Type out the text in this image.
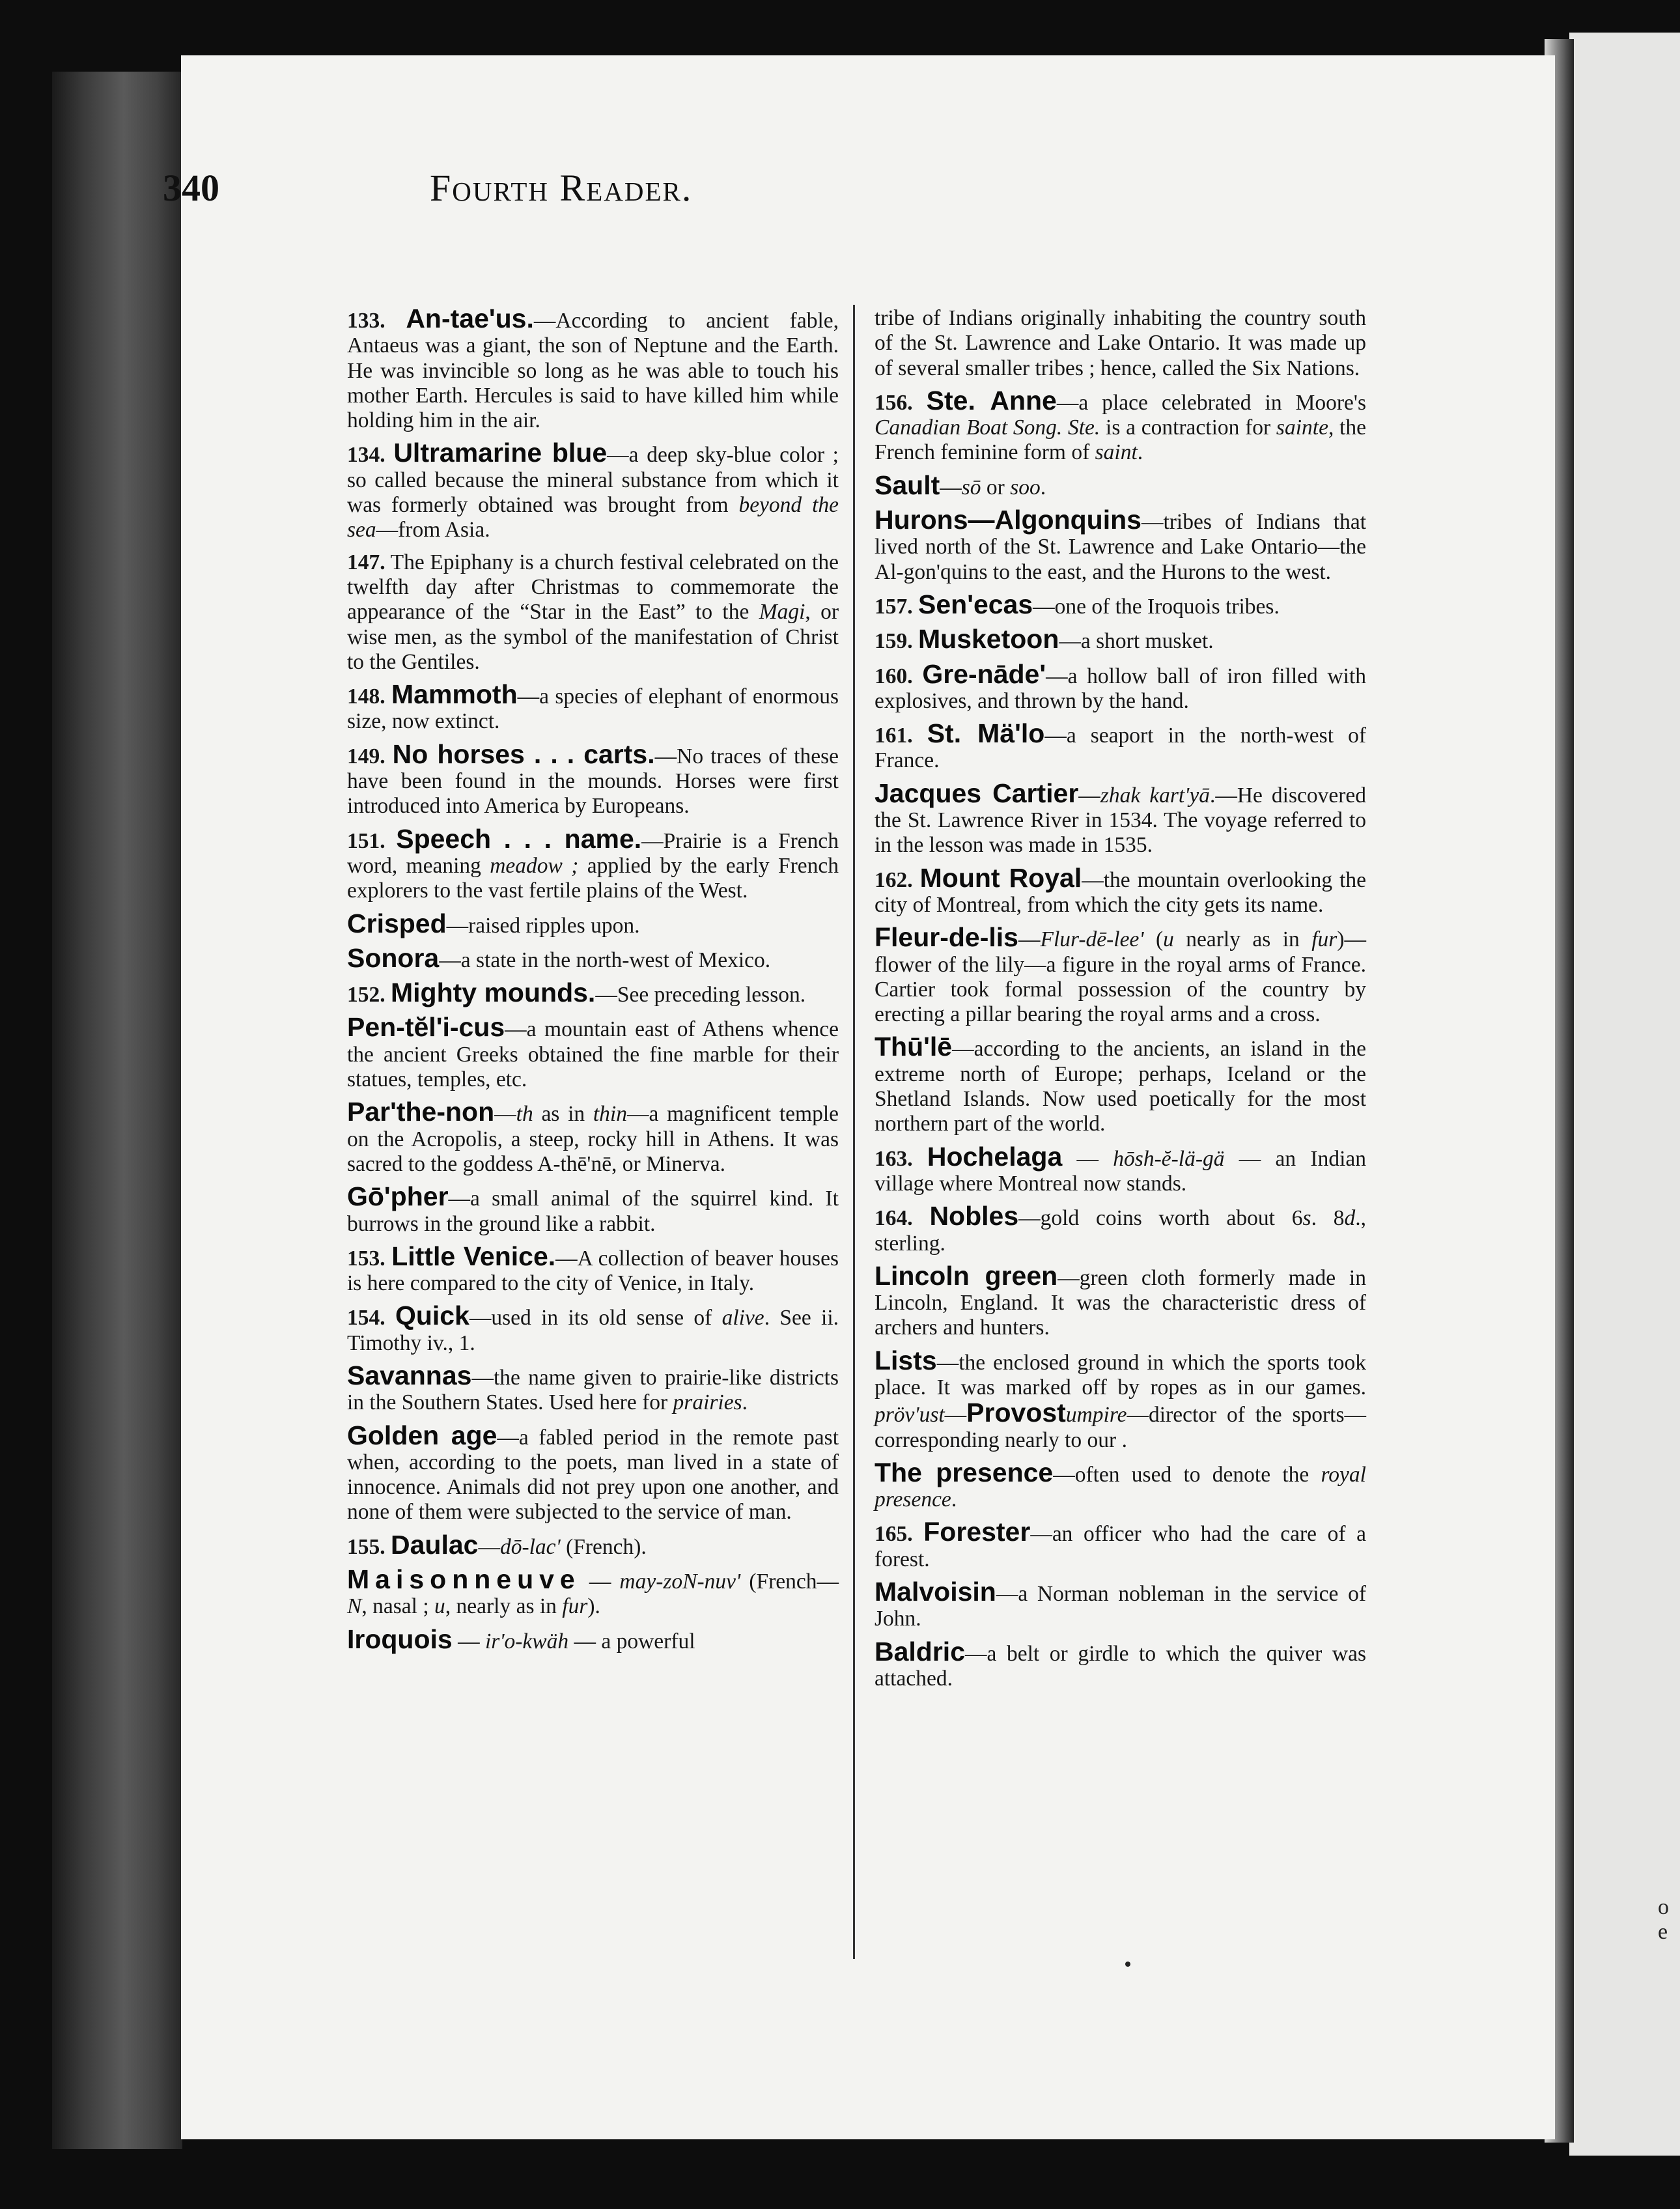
o
e
340	Fourth Reader.

133. An-tae'us.—According to ancient fable, Antaeus was a giant, the son of Neptune and the Earth. He was invincible so long as he was able to touch his mother Earth. Hercules is said to have killed him while holding him in the air.

134. Ultramarine blue—a deep sky-blue color ; so called because the mineral substance from which it was formerly obtained was brought from beyond the sea—from Asia.

147. The Epiphany is a church festival celebrated on the twelfth day after Christmas to commemorate the appearance of the “Star in the East” to the Magi, or wise men, as the symbol of the manifestation of Christ to the Gentiles.

148. Mammoth—a species of elephant of enormous size, now extinct.

149. No horses . . . carts.—No traces of these have been found in the mounds. Horses were first introduced into America by Europeans.

151. Speech . . . name.—Prairie is a French word, meaning meadow ; applied by the early French explorers to the vast fertile plains of the West.

Crisped—raised ripples upon.

Sonora—a state in the north-west of Mexico.

152. Mighty mounds.—See preceding lesson.

Pen-tĕl'i-cus—a mountain east of Athens whence the ancient Greeks obtained the fine marble for their statues, temples, etc.

Par'the-non—th as in thin—a magnificent temple on the Acropolis, a steep, rocky hill in Athens. It was sacred to the goddess A-thē'nē, or Minerva.

Gō'pher—a small animal of the squirrel kind. It burrows in the ground like a rabbit.

153. Little Venice.—A collection of beaver houses is here compared to the city of Venice, in Italy.

154. Quick—used in its old sense of alive. See ii. Timothy iv., 1.

Savannas—the name given to prairie-like districts in the Southern States. Used here for prairies.

Golden age—a fabled period in the remote past when, according to the poets, man lived in a state of innocence. Animals did not prey upon one another, and none of them were subjected to the service of man.

155. Daulac—dō-lac' (French).

Maisonneuve — may-zoN-nuv' (French—N, nasal ; u, nearly as in fur).

Iroquois — ir'o-kwäh — a powerful

tribe of Indians originally inhabiting the country south of the St. Lawrence and Lake Ontario. It was made up of several smaller tribes ; hence, called the Six Nations.

156. Ste. Anne—a place celebrated in Moore's Canadian Boat Song. Ste. is a contraction for sainte, the French feminine form of saint.

Sault—sō or soo.

Hurons—Algonquins—tribes of Indians that lived north of the St. Lawrence and Lake Ontario—the Al-gon'quins to the east, and the Hurons to the west.

157. Sen'ecas—one of the Iroquois tribes.

159. Musketoon—a short musket.

160. Gre-nāde'—a hollow ball of iron filled with explosives, and thrown by the hand.

161. St. Mä'lo—a seaport in the north-west of France.

Jacques Cartier—zhak kart'yā.—He discovered the St. Lawrence River in 1534. The voyage referred to in the lesson was made in 1535.

162. Mount Royal—the mountain overlooking the city of Montreal, from which the city gets its name.

Fleur-de-lis—Flur-dē-lee' (u nearly as in fur)—flower of the lily—a figure in the royal arms of France. Cartier took formal possession of the country by erecting a pillar bearing the royal arms and a cross.

Thū'lē—according to the ancients, an island in the extreme north of Europe; perhaps, Iceland or the Shetland Islands. Now used poetically for the most northern part of the world.

163. Hochelaga — hōsh-ĕ-lä-gä — an Indian village where Montreal now stands.

164. Nobles—gold coins worth about 6s. 8d., sterling.

Lincoln green—green cloth formerly made in Lincoln, England. It was the characteristic dress of archers and hunters.

Lists—the enclosed ground in which the sports took place. It was marked off by ropes as in our games. pröv'ust—Provostumpire—director of the sports—corresponding nearly to our .

The presence—often used to denote the royal presence.

165. Forester—an officer who had the care of a forest.

Malvoisin—a Norman nobleman in the service of John.

Baldric—a belt or girdle to which the quiver was attached.
